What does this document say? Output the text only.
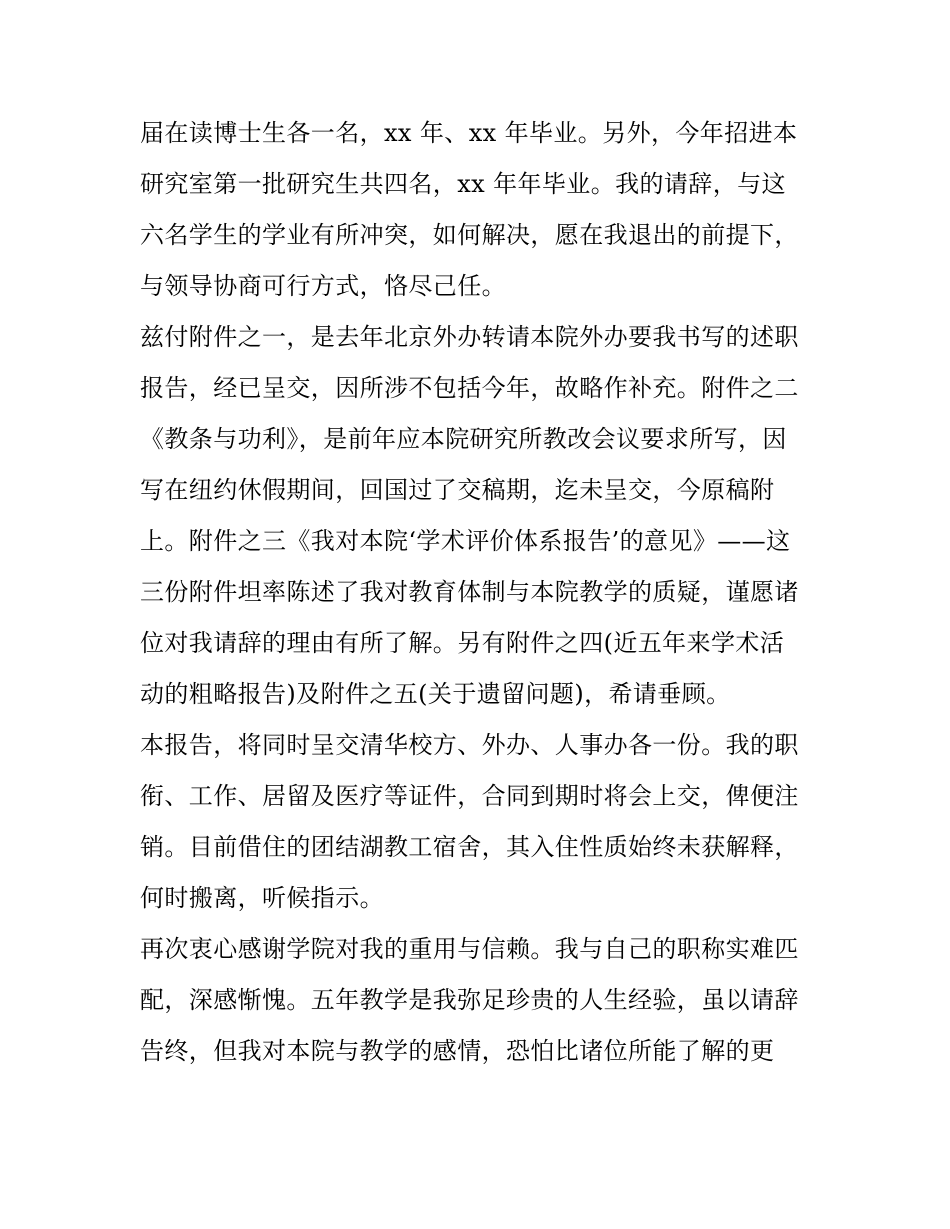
届在读博士生各一名，xx 年、xx 年毕业。另外，今年招进本
研究室第一批研究生共四名，xx 年年毕业。我的请辞，与这
六名学生的学业有所冲突，如何解决，愿在我退出的前提下，
与领导协商可行方式，恪尽己任。
兹付附件之一，是去年北京外办转请本院外办要我书写的述职
报告，经已呈交，因所涉不包括今年，故略作补充。附件之二
《教条与功利》，是前年应本院研究所教改会议要求所写，因
写在纽约休假期间，回国过了交稿期，迄未呈交，今原稿附
上。附件之三《我对本院‘学术评价体系报告’的意见》——这
三份附件坦率陈述了我对教育体制与本院教学的质疑，谨愿诸
位对我请辞的理由有所了解。另有附件之四(近五年来学术活
动的粗略报告)及附件之五(关于遗留问题)，希请垂顾。
本报告，将同时呈交清华校方、外办、人事办各一份。我的职
衔、工作、居留及医疗等证件，合同到期时将会上交，俾便注
销。目前借住的团结湖教工宿舍，其入住性质始终未获解释，
何时搬离，听候指示。
再次衷心感谢学院对我的重用与信赖。我与自己的职称实难匹
配，深感惭愧。五年教学是我弥足珍贵的人生经验，虽以请辞
告终，但我对本院与教学的感情，恐怕比诸位所能了解的更
